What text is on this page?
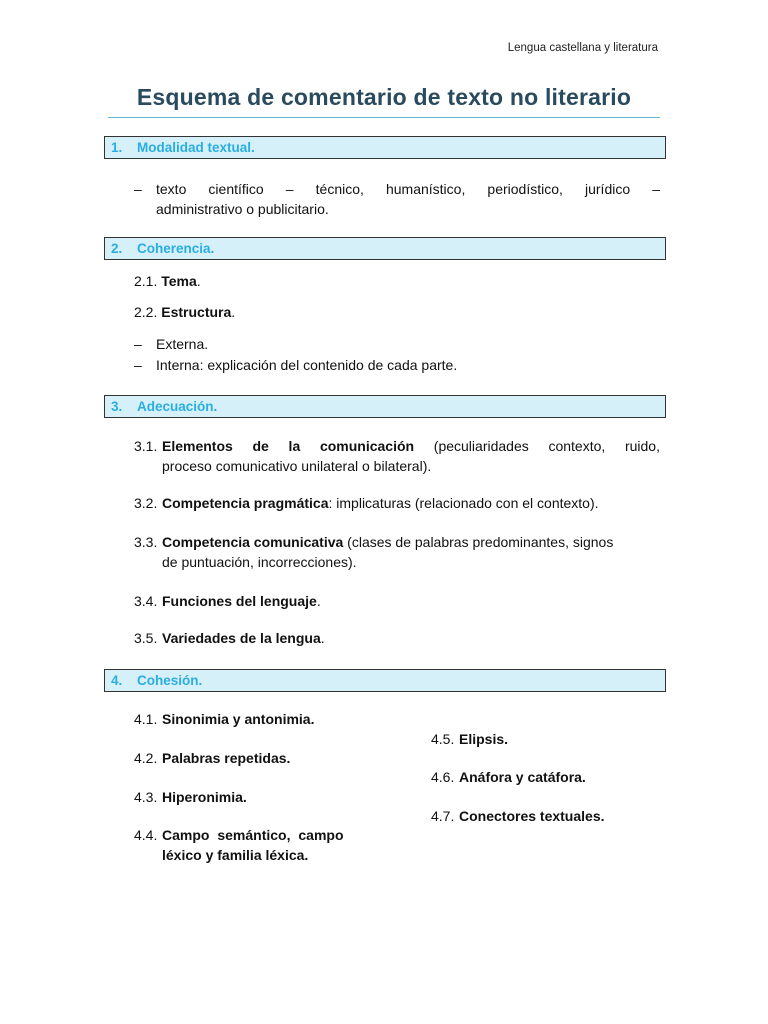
Lengua castellana y literatura
Esquema de comentario de texto no literario
1. Modalidad textual.
– texto científico – técnico, humanístico, periodístico, jurídico –
administrativo o publicitario.
2. Coherencia.
2.1. Tema.
2.2. Estructura.
– Externa.
– Interna: explicación del contenido de cada parte.
3. Adecuación.
3.1. Elementos de la comunicación (peculiaridades contexto, ruido,
proceso comunicativo unilateral o bilateral).
3.2. Competencia pragmática: implicaturas (relacionado con el contexto).
3.3. Competencia comunicativa (clases de palabras predominantes, signos
de puntuación, incorrecciones).
3.4. Funciones del lenguaje.
3.5. Variedades de la lengua.
4. Cohesión.
4.1. Sinonimia y antonimia.
4.2. Palabras repetidas.
4.3. Hiperonimia.
4.4. Campo semántico, campo
léxico y familia léxica.
4.5. Elipsis.
4.6. Anáfora y catáfora.
4.7. Conectores textuales.
